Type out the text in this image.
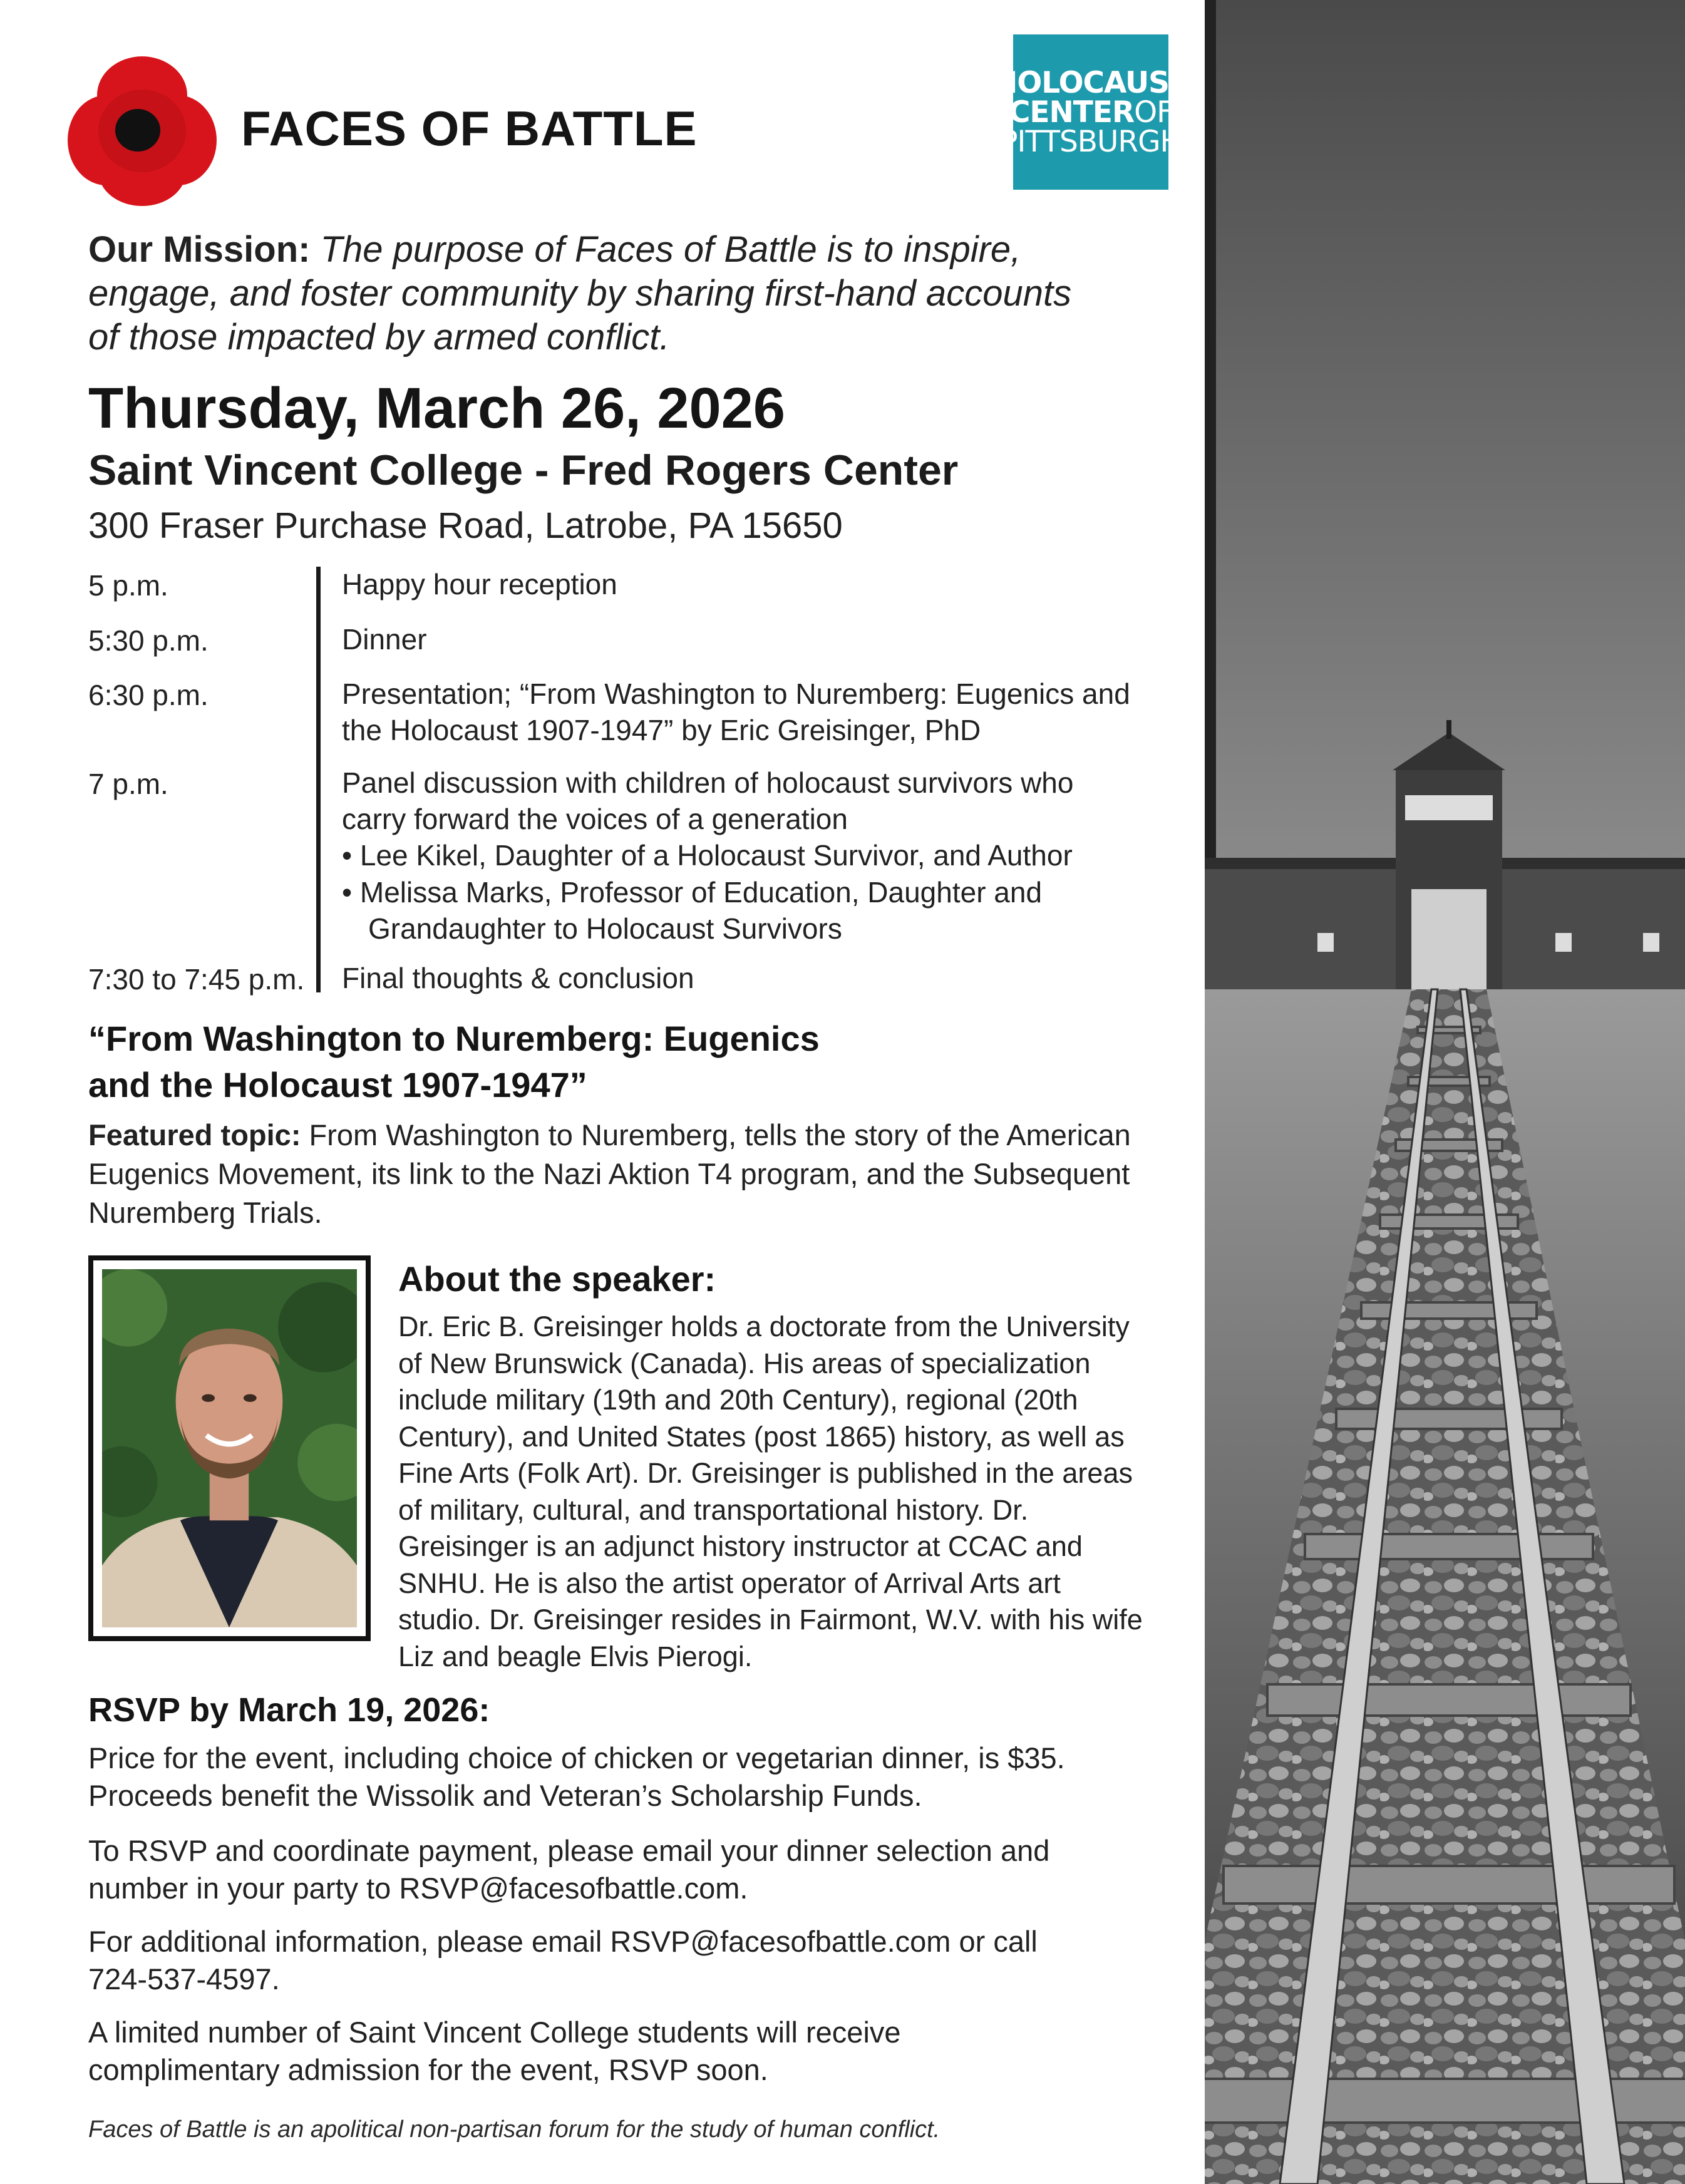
FACES OF BATTLE
HOLOCAUST
CENTEROF
PITTSBURGH
Our Mission: The purpose of Faces of Battle is to inspire, engage, and foster community by sharing first-hand accounts of those impacted by armed conflict.
Thursday, March 26, 2026
Saint Vincent College - Fred Rogers Center
300 Fraser Purchase Road, Latrobe, PA 15650
5 p.m.	Happy hour reception
5:30 p.m.	Dinner
6:30 p.m.	Presentation; “From Washington to Nuremberg: Eugenics and the Holocaust 1907-1947” by Eric Greisinger, PhD
7 p.m.	Panel discussion with children of holocaust survivors who carry forward the voices of a generation
• Lee Kikel, Daughter of a Holocaust Survivor, and Author
• Melissa Marks, Professor of Education, Daughter and Grandaughter to Holocaust Survivors
7:30 to 7:45 p.m. Final thoughts & conclusion
“From Washington to Nuremberg: Eugenics
and the Holocaust 1907-1947”
Featured topic: From Washington to Nuremberg, tells the story of the American Eugenics Movement, its link to the Nazi Aktion T4 program, and the Subsequent Nuremberg Trials.
About the speaker:
Dr. Eric B. Greisinger holds a doctorate from the University of New Brunswick (Canada). His areas of specialization include military (19th and 20th Century), regional (20th Century), and United States (post 1865) history, as well as Fine Arts (Folk Art). Dr. Greisinger is published in the areas of military, cultural, and transportational history. Dr. Greisinger is an adjunct history instructor at CCAC and SNHU. He is also the artist operator of Arrival Arts art studio. Dr. Greisinger resides in Fairmont, W.V. with his wife Liz and beagle Elvis Pierogi.
RSVP by March 19, 2026:
Price for the event, including choice of chicken or vegetarian dinner, is $35. Proceeds benefit the Wissolik and Veteran’s Scholarship Funds.
To RSVP and coordinate payment, please email your dinner selection and number in your party to RSVP@facesofbattle.com.
For additional information, please email RSVP@facesofbattle.com or call 724-537-4597.
A limited number of Saint Vincent College students will receive complimentary admission for the event, RSVP soon.
Faces of Battle is an apolitical non-partisan forum for the study of human conflict.
